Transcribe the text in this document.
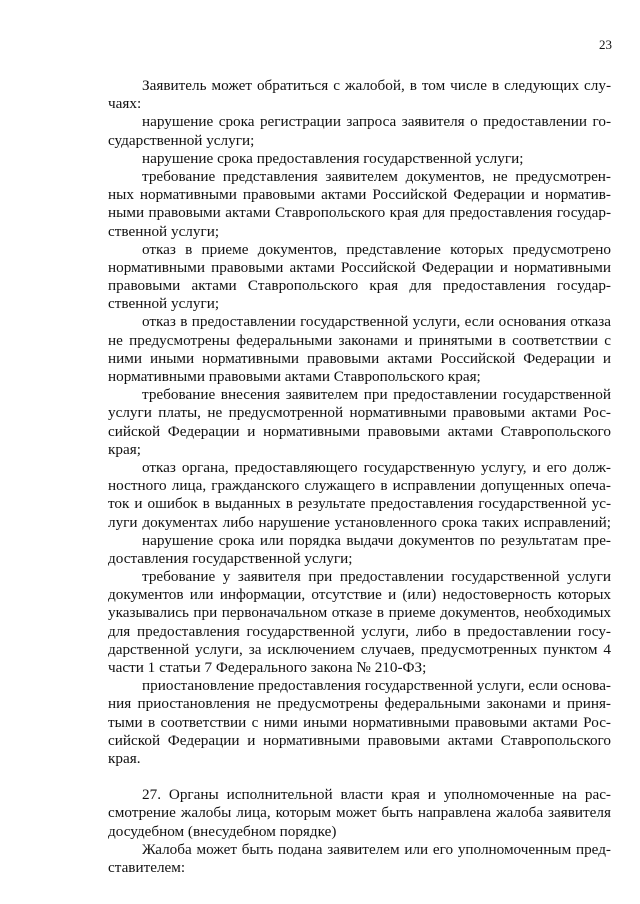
23
Заявитель может обратиться с жалобой, в том числе в следующих слу-
чаях:
нарушение срока регистрации запроса заявителя о предоставлении го-
сударственной услуги;
нарушение срока предоставления государственной услуги;
требование представления заявителем документов, не предусмотрен-
ных нормативными правовыми актами Российской Федерации и норматив-
ными правовыми актами Ставропольского края для предоставления государ-
ственной услуги;
отказ в приеме документов, представление которых предусмотрено
нормативными правовыми актами Российской Федерации и нормативными
правовыми актами Ставропольского края для предоставления государ-
ственной услуги;
отказ в предоставлении государственной услуги, если основания отказа
не предусмотрены федеральными законами и принятыми в соответствии с
ними иными нормативными правовыми актами Российской Федерации и
нормативными правовыми актами Ставропольского края;
требование внесения заявителем при предоставлении государственной
услуги платы, не предусмотренной нормативными правовыми актами Рос-
сийской Федерации и нормативными правовыми актами Ставропольского
края;
отказ органа, предоставляющего государственную услугу, и его долж-
ностного лица, гражданского служащего в исправлении допущенных опеча-
ток и ошибок в выданных в результате предоставления государственной ус-
луги документах либо нарушение установленного срока таких исправлений;
нарушение срока или порядка выдачи документов по результатам пре-
доставления государственной услуги;
требование у заявителя при предоставлении государственной услуги
документов или информации, отсутствие и (или) недостоверность которых
указывались при первоначальном отказе в приеме документов, необходимых
для предоставления государственной услуги, либо в предоставлении госу-
дарственной услуги, за исключением случаев, предусмотренных пунктом 4
части 1 статьи 7 Федерального закона № 210-ФЗ;
приостановление предоставления государственной услуги, если основа-
ния приостановления не предусмотрены федеральными законами и приня-
тыми в соответствии с ними иными нормативными правовыми актами Рос-
сийской Федерации и нормативными правовыми актами Ставропольского
края.
27. Органы исполнительной власти края и уполномоченные на рас-
смотрение жалобы лица, которым может быть направлена жалоба заявителя
досудебном (внесудебном порядке)
Жалоба может быть подана заявителем или его уполномоченным пред-
ставителем:
